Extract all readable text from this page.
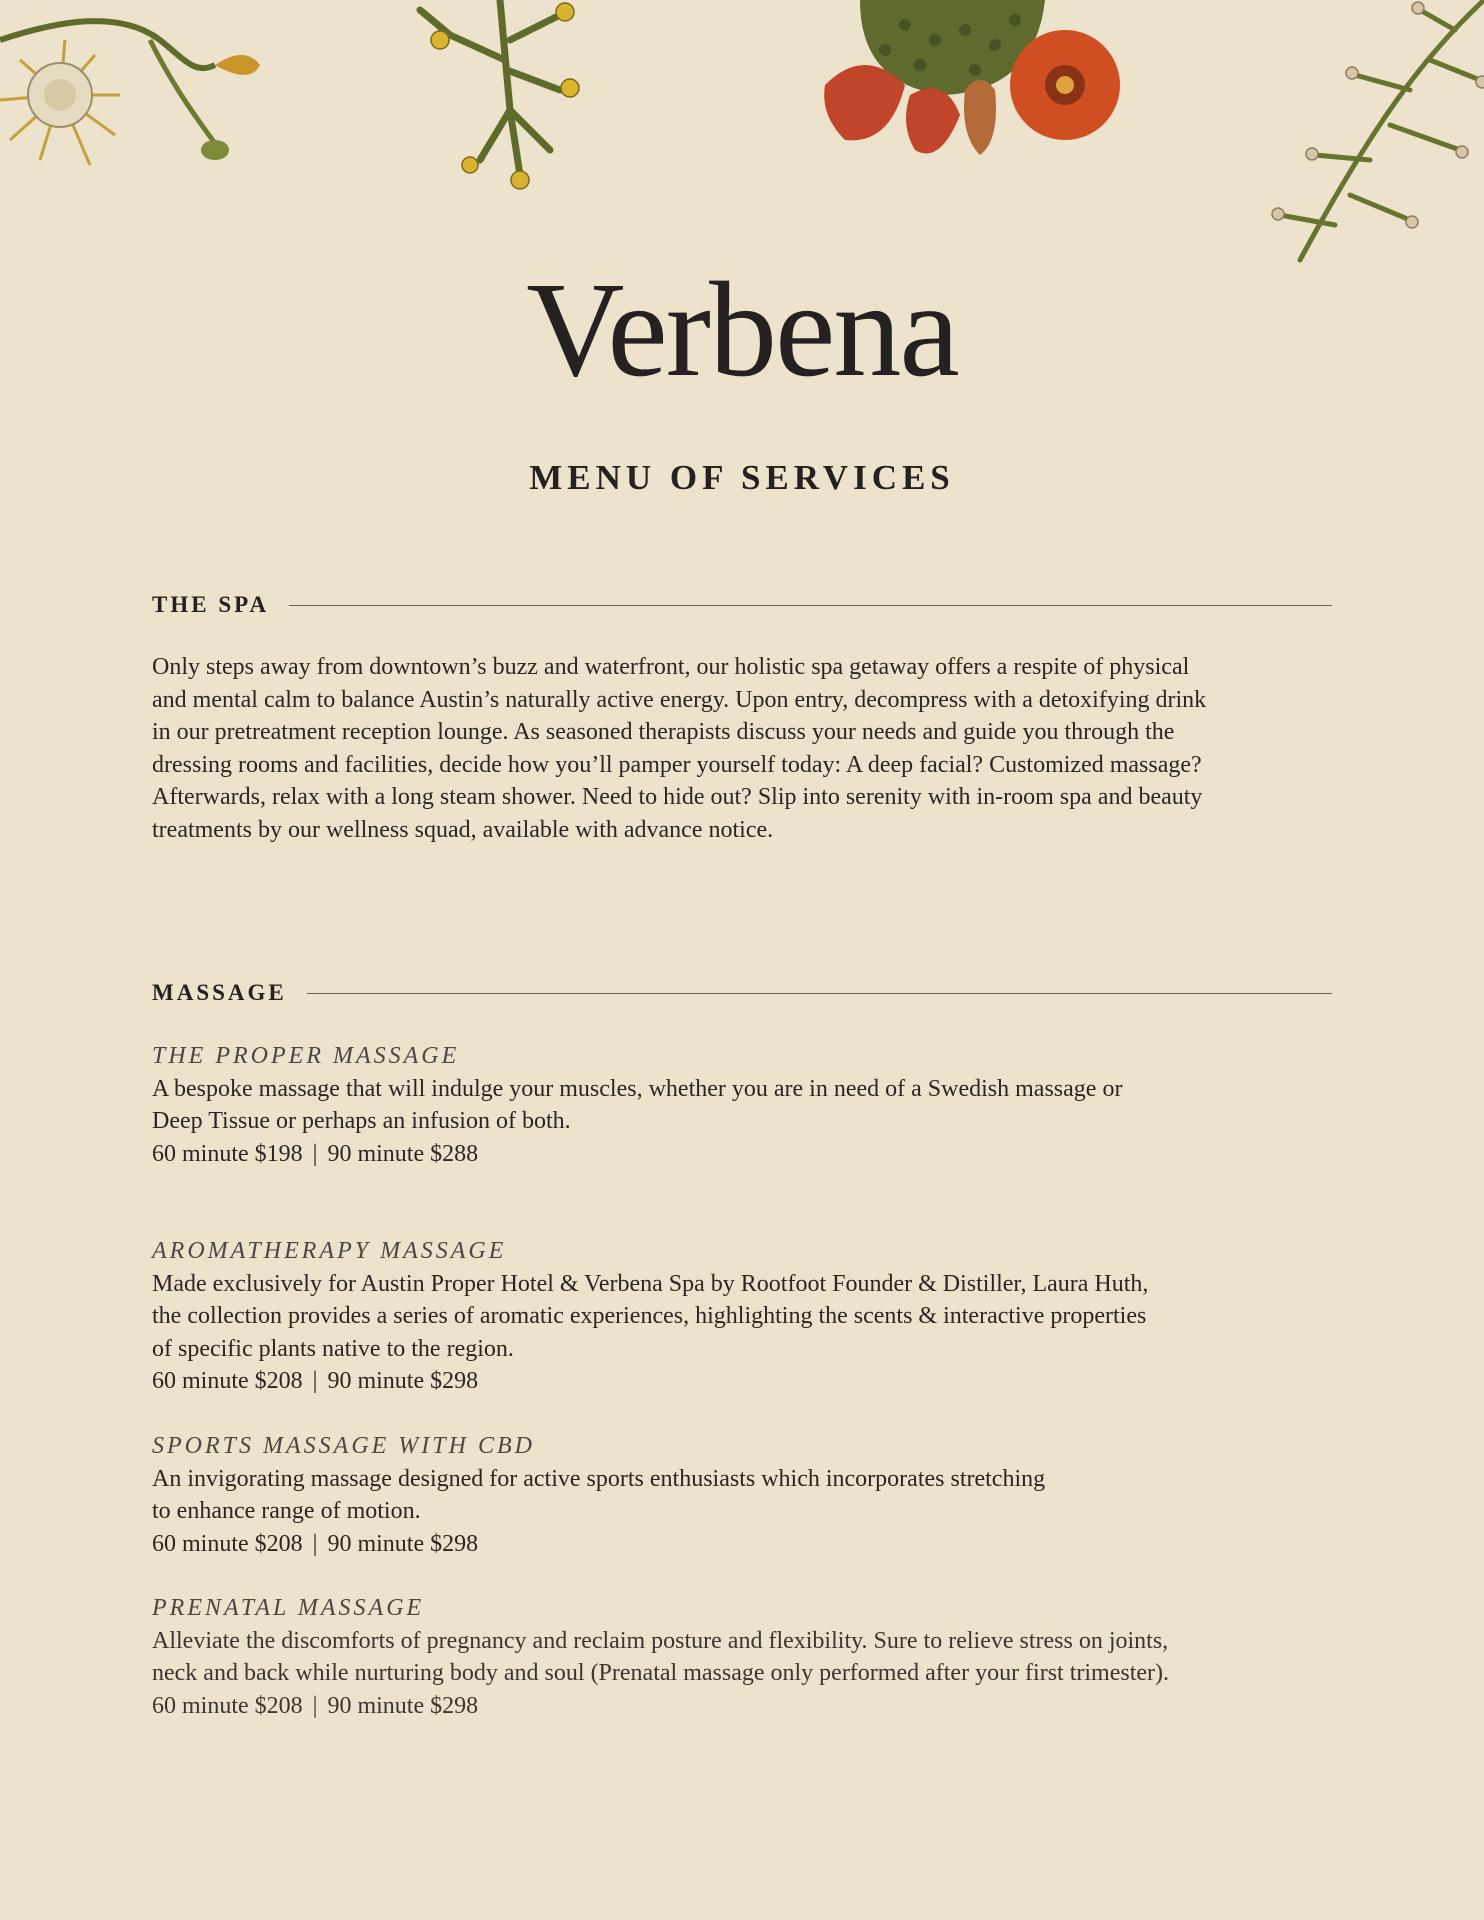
Verbena
MENU OF SERVICES
THE SPA
Only steps away from downtown’s buzz and waterfront, our holistic spa getaway offers a respite of physical
and mental calm to balance Austin’s naturally active energy. Upon entry, decompress with a detoxifying drink
in our pretreatment reception lounge. As seasoned therapists discuss your needs and guide you through the
dressing rooms and facilities, decide how you’ll pamper yourself today: A deep facial? Customized massage?
Afterwards, relax with a long steam shower. Need to hide out? Slip into serenity with in-room spa and beauty
treatments by our wellness squad, available with advance notice.
MASSAGE
THE PROPER MASSAGE
A bespoke massage that will indulge your muscles, whether you are in need of a Swedish massage or
Deep Tissue or perhaps an infusion of both.
60 minute $198 | 90 minute $288
AROMATHERAPY MASSAGE
Made exclusively for Austin Proper Hotel & Verbena Spa by Rootfoot Founder & Distiller, Laura Huth,
the collection provides a series of aromatic experiences, highlighting the scents & interactive properties
of specific plants native to the region.
60 minute $208 | 90 minute $298
SPORTS MASSAGE WITH CBD
An invigorating massage designed for active sports enthusiasts which incorporates stretching
to enhance range of motion.
60 minute $208 | 90 minute $298
PRENATAL MASSAGE
Alleviate the discomforts of pregnancy and reclaim posture and flexibility. Sure to relieve stress on joints,
neck and back while nurturing body and soul (Prenatal massage only performed after your first trimester).
60 minute $208 | 90 minute $298
